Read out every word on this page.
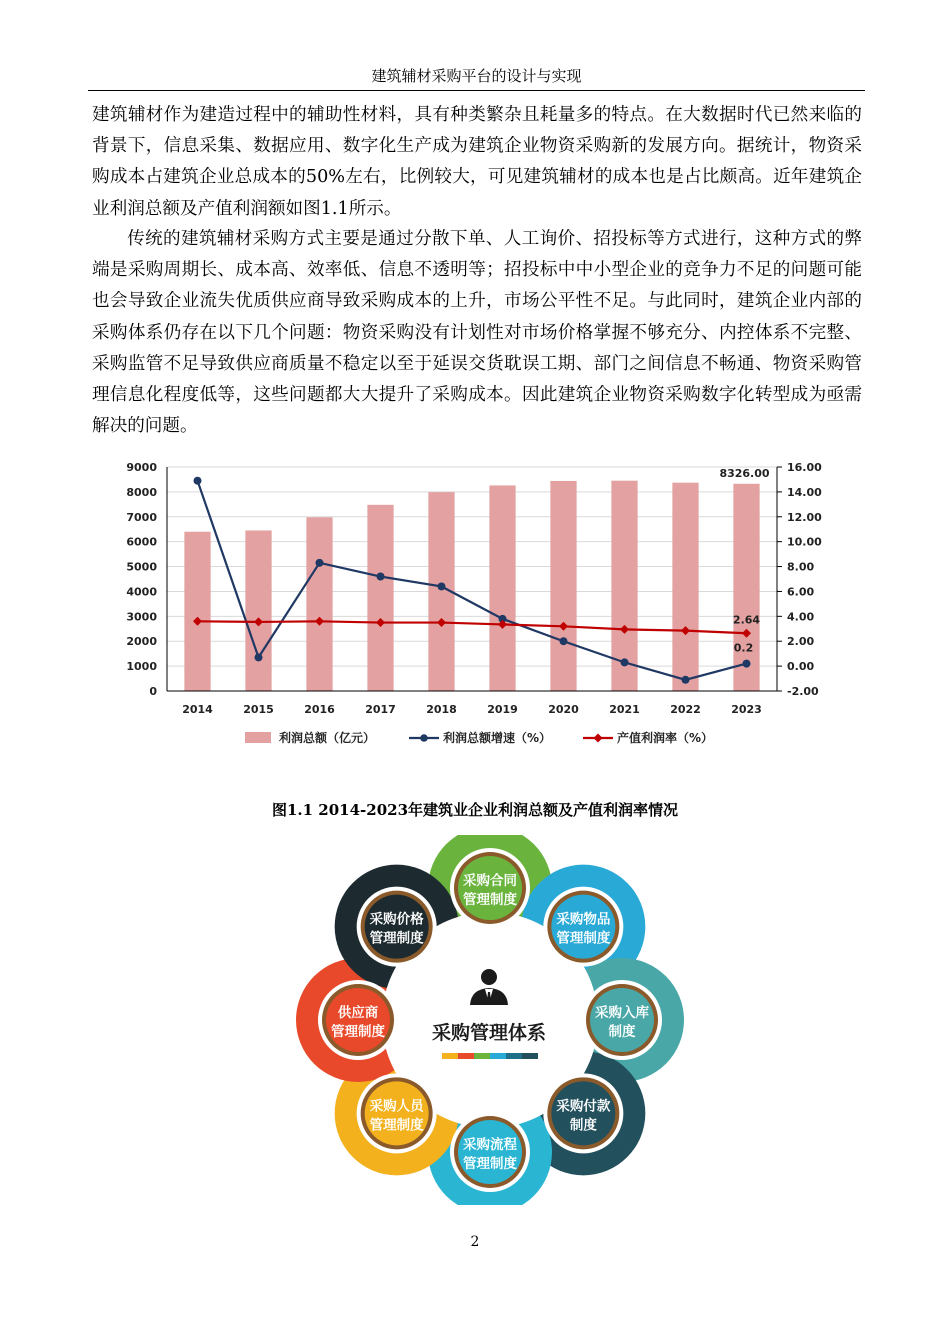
建筑辅材采购平台的设计与实现

建筑辅材作为建造过程中的辅助性材料，具有种类繁杂且耗量多的特点。在大数据时代已然来临的背景下，信息采集、数据应用、数字化生产成为建筑企业物资采购新的发展方向。据统计，物资采购成本占建筑企业总成本的50%左右，比例较大，可见建筑辅材的成本也是占比颇高。近年建筑企业利润总额及产值利润额如图1.1所示。

传统的建筑辅材采购方式主要是通过分散下单、人工询价、招投标等方式进行，这种方式的弊端是采购周期长、成本高、效率低、信息不透明等；招投标中中小型企业的竞争力不足的问题可能也会导致企业流失优质供应商导致采购成本的上升，市场公平性不足。与此同时，建筑企业内部的采购体系仍存在以下几个问题：物资采购没有计划性对市场价格掌握不够充分、内控体系不完整、采购监管不足导致供应商质量不稳定以至于延误交货耽误工期、部门之间信息不畅通、物资采购管理信息化程度低等，这些问题都大大提升了采购成本。因此建筑企业物资采购数字化转型成为亟需解决的问题。

0
1000
2000
3000
4000
5000
6000
7000
8000
9000
-2.00
0.00
2.00
4.00
6.00
8.00
10.00
12.00
14.00
16.00
2014	2015	2016	2017	2018	2019	2020	2021	2022	2023
8326.00
2.64
0.2
利润总额（亿元）	利润总额增速（%）	产值利润率（%）
图1.1 2014-2023年建筑业企业利润总额及产值利润率情况
采购合同
管理制度
采购物品
管理制度
采购入库
制度
采购付款
制度
采购流程
管理制度
采购人员
管理制度
供应商
管理制度
采购价格
管理制度
采购管理体系
2
